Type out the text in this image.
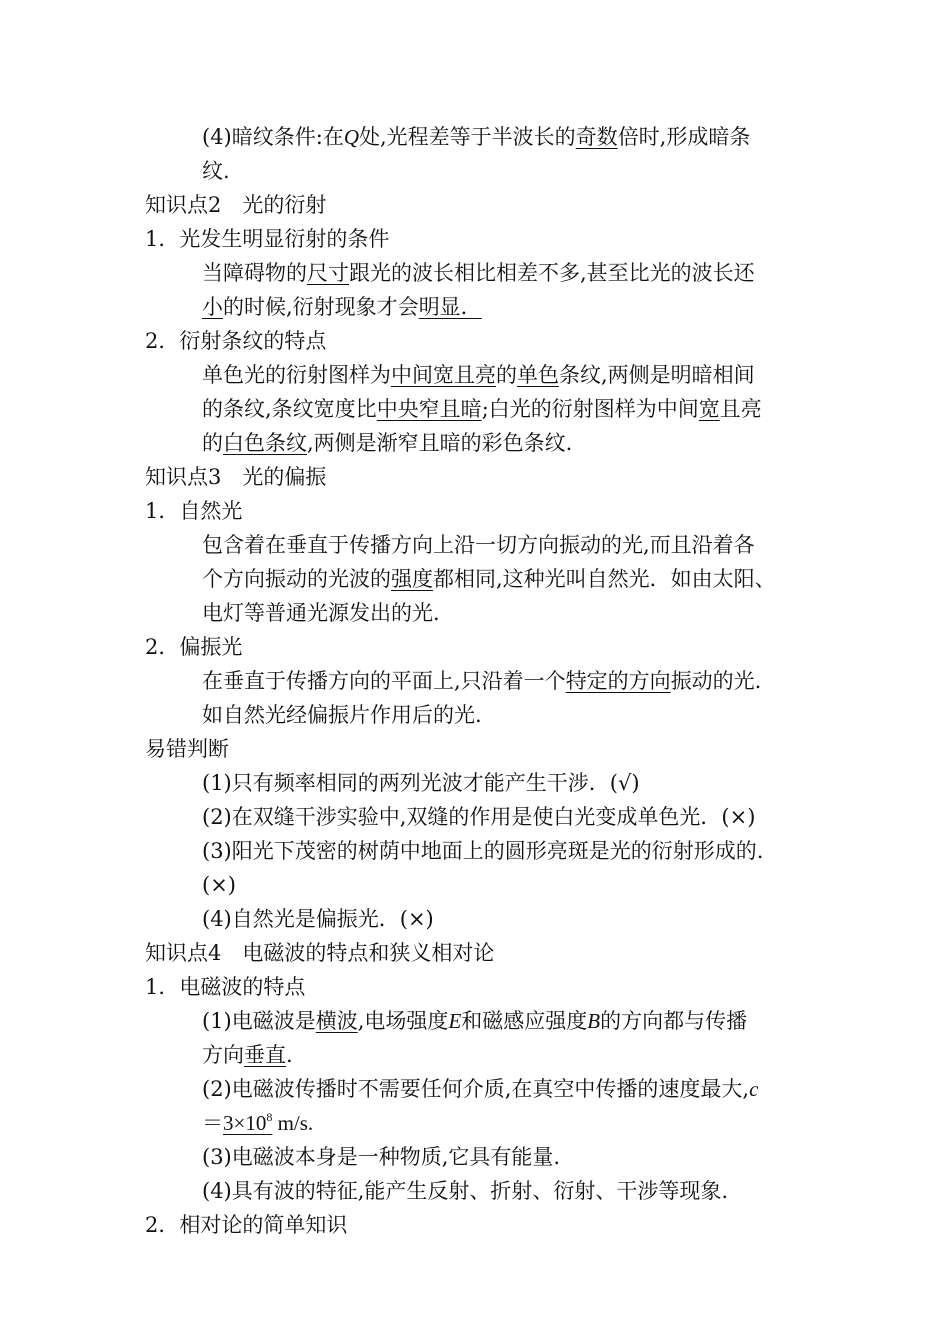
(4)暗纹条件:在Q处,光程差等于半波长的奇数倍时,形成暗条
纹.
知识点2　光的衍射
1．光发生明显衍射的条件
当障碍物的尺寸跟光的波长相比相差不多,甚至比光的波长还
小的时候,衍射现象才会明显．
2．衍射条纹的特点
单色光的衍射图样为中间宽且亮的单色条纹,两侧是明暗相间
的条纹,条纹宽度比中央窄且暗;白光的衍射图样为中间宽且亮
的白色条纹,两侧是渐窄且暗的彩色条纹.
知识点3　光的偏振
1．自然光
包含着在垂直于传播方向上沿一切方向振动的光,而且沿着各
个方向振动的光波的强度都相同,这种光叫自然光．如由太阳、
电灯等普通光源发出的光.
2．偏振光
在垂直于传播方向的平面上,只沿着一个特定的方向振动的光.
如自然光经偏振片作用后的光.
易错判断
(1)只有频率相同的两列光波才能产生干涉．(√)
(2)在双缝干涉实验中,双缝的作用是使白光变成单色光．(×)
(3)阳光下茂密的树荫中地面上的圆形亮斑是光的衍射形成的.
(×)
(4)自然光是偏振光．(×)
知识点4　电磁波的特点和狭义相对论
1．电磁波的特点
(1)电磁波是横波,电场强度E和磁感应强度B的方向都与传播
方向垂直.
(2)电磁波传播时不需要任何介质,在真空中传播的速度最大,c
$=3\times 10^8$ m/s.
(3)电磁波本身是一种物质,它具有能量.
(4)具有波的特征,能产生反射、折射、衍射、干涉等现象.
2．相对论的简单知识
